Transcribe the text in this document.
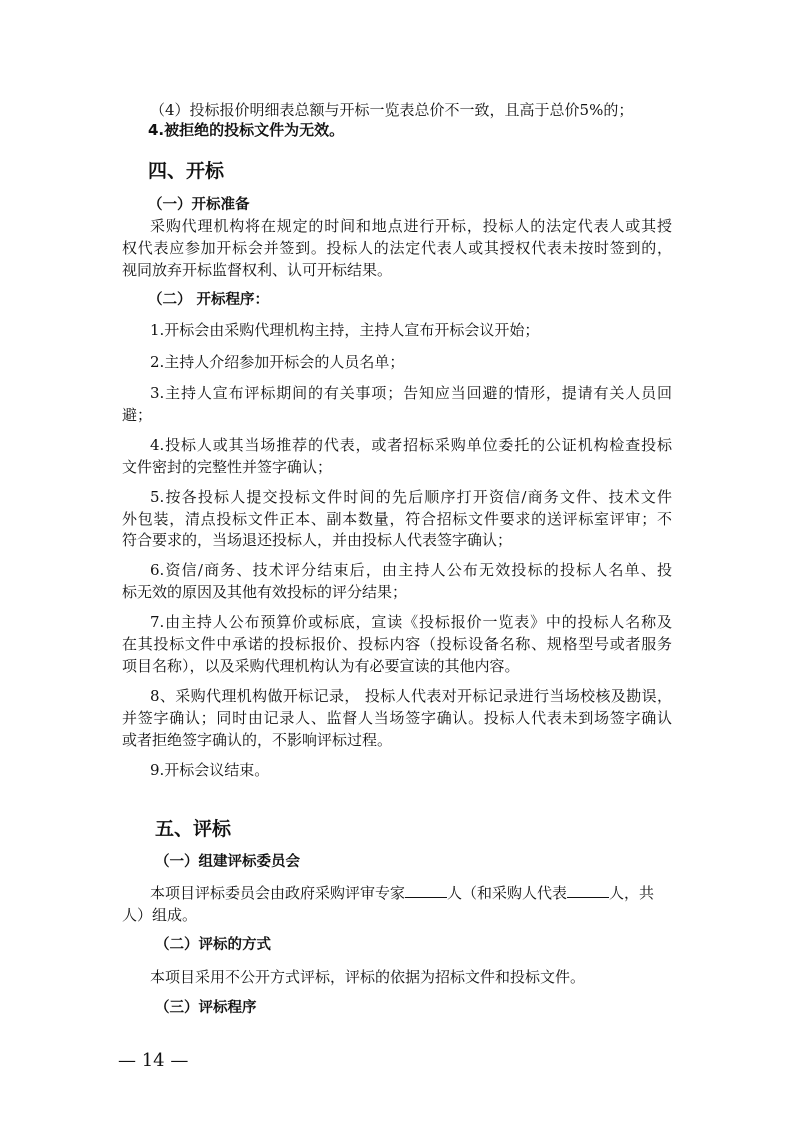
（4）投标报价明细表总额与开标一览表总价不一致，且高于总价5%的；
4.被拒绝的投标文件为无效。
四、开标
（一）开标准备
采购代理机构将在规定的时间和地点进行开标，投标人的法定代表人或其授
权代表应参加开标会并签到。投标人的法定代表人或其授权代表未按时签到的，
视同放弃开标监督权利、认可开标结果。
（二） 开标程序：
1.开标会由采购代理机构主持，主持人宣布开标会议开始；
2.主持人介绍参加开标会的人员名单；
3.主持人宣布评标期间的有关事项；告知应当回避的情形，提请有关人员回
避；
4.投标人或其当场推荐的代表，或者招标采购单位委托的公证机构检查投标
文件密封的完整性并签字确认；
5.按各投标人提交投标文件时间的先后顺序打开资信/商务文件、技术文件
外包装，清点投标文件正本、副本数量，符合招标文件要求的送评标室评审；不
符合要求的，当场退还投标人，并由投标人代表签字确认；
6.资信/商务、技术评分结束后，由主持人公布无效投标的投标人名单、投
标无效的原因及其他有效投标的评分结果；
7.由主持人公布预算价或标底，宣读《投标报价一览表》中的投标人名称及
在其投标文件中承诺的投标报价、投标内容（投标设备名称、规格型号或者服务
项目名称），以及采购代理机构认为有必要宣读的其他内容。
8、采购代理机构做开标记录， 投标人代表对开标记录进行当场校核及勘误，
并签字确认；同时由记录人、监督人当场签字确认。投标人代表未到场签字确认
或者拒绝签字确认的，不影响评标过程。
9.开标会议结束。
五、评标
（一）组建评标委员会
本项目评标委员会由政府采购评审专家	人（和采购人代表	人，共
人）组成。
（二）评标的方式
本项目采用不公开方式评标，评标的依据为招标文件和投标文件。
（三）评标程序
— 14 —
